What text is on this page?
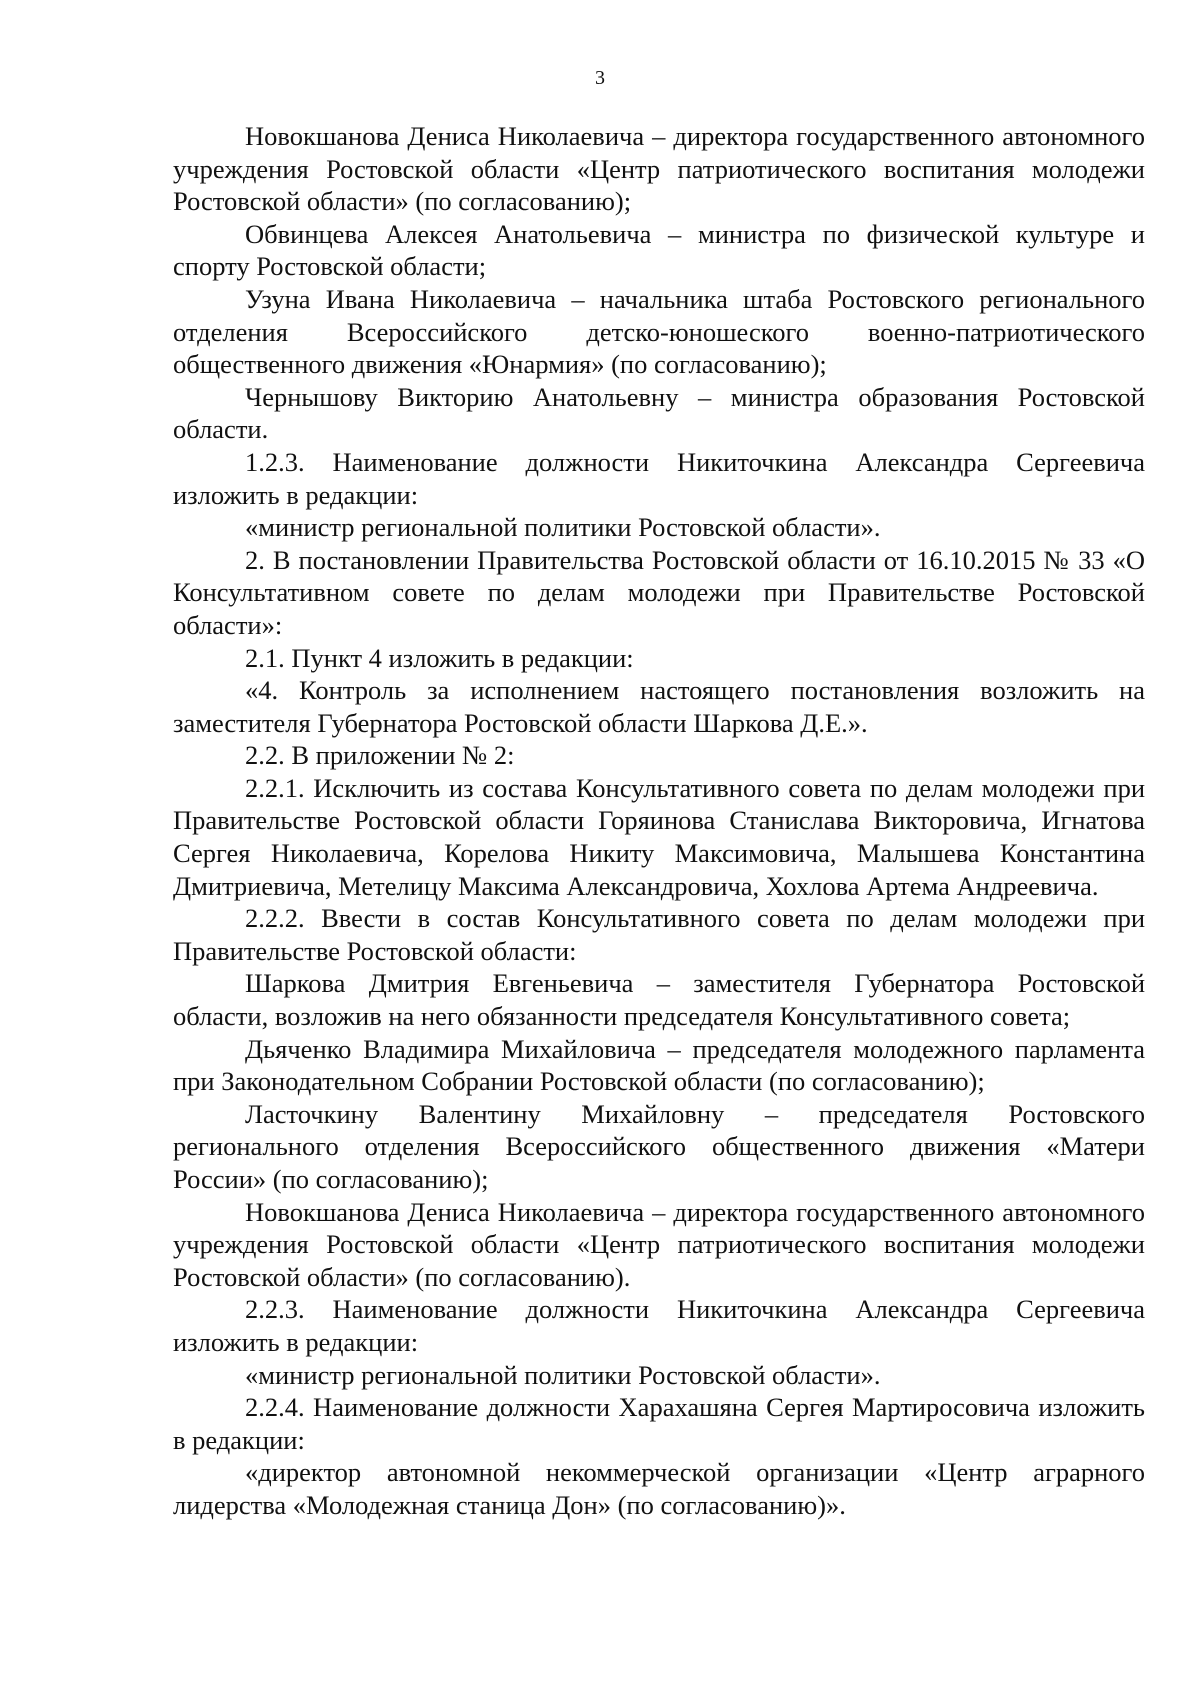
3

Новокшанова Дениса Николаевича – директора государственного автономного учреждения Ростовской области «Центр патриотического воспитания молодежи Ростовской области» (по согласованию);

Обвинцева Алексея Анатольевича – министра по физической культуре и спорту Ростовской области;

Узуна Ивана Николаевича – начальника штаба Ростовского регионального отделения Всероссийского детско-юношеского военно-патриотического общественного движения «Юнармия» (по согласованию);

Чернышову Викторию Анатольевну – министра образования Ростовской области.

1.2.3. Наименование должности Никиточкина Александра Сергеевича изложить в редакции:

«министр региональной политики Ростовской области».

2. В постановлении Правительства Ростовской области от 16.10.2015 № 33 «О Консультативном совете по делам молодежи при Правительстве Ростовской области»:

2.1. Пункт 4 изложить в редакции:

«4. Контроль за исполнением настоящего постановления возложить на заместителя Губернатора Ростовской области Шаркова Д.Е.».

2.2. В приложении № 2:

2.2.1. Исключить из состава Консультативного совета по делам молодежи при Правительстве Ростовской области Горяинова Станислава Викторовича, Игнатова Сергея Николаевича, Корелова Никиту Максимовича, Малышева Константина Дмитриевича, Метелицу Максима Александровича, Хохлова Артема Андреевича.

2.2.2. Ввести в состав Консультативного совета по делам молодежи при Правительстве Ростовской области:

Шаркова Дмитрия Евгеньевича – заместителя Губернатора Ростовской области, возложив на него обязанности председателя Консультативного совета;

Дьяченко Владимира Михайловича – председателя молодежного парламента при Законодательном Собрании Ростовской области (по согласованию);

Ласточкину Валентину Михайловну – председателя Ростовского регионального отделения Всероссийского общественного движения «Матери России» (по согласованию);

Новокшанова Дениса Николаевича – директора государственного автономного учреждения Ростовской области «Центр патриотического воспитания молодежи Ростовской области» (по согласованию).

2.2.3. Наименование должности Никиточкина Александра Сергеевича изложить в редакции:

«министр региональной политики Ростовской области».

2.2.4. Наименование должности Харахашяна Сергея Мартиросовича изложить в редакции:

«директор автономной некоммерческой организации «Центр аграрного лидерства «Молодежная станица Дон» (по согласованию)».
